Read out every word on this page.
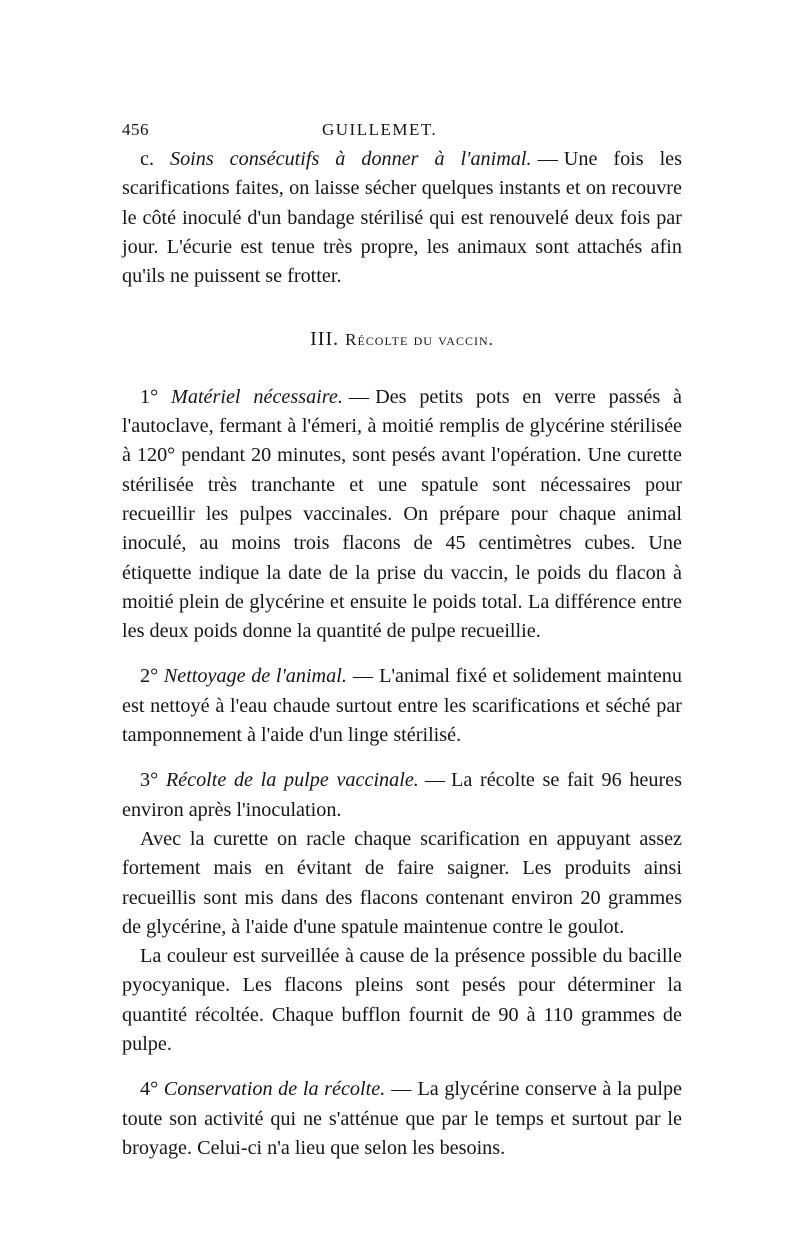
456	GUILLEMET.

c. Soins consécutifs à donner à l'animal. — Une fois les scarifications faites, on laisse sécher quelques instants et on recouvre le côté inoculé d'un bandage stérilisé qui est renouvelé deux fois par jour. L'écurie est tenue très propre, les animaux sont attachés afin qu'ils ne puissent se frotter.

III. Récolte du vaccin.

1° Matériel nécessaire. — Des petits pots en verre passés à l'autoclave, fermant à l'émeri, à moitié remplis de glycérine stérilisée à 120° pendant 20 minutes, sont pesés avant l'opération. Une curette stérilisée très tranchante et une spatule sont nécessaires pour recueillir les pulpes vaccinales. On prépare pour chaque animal inoculé, au moins trois flacons de 45 centimètres cubes. Une étiquette indique la date de la prise du vaccin, le poids du flacon à moitié plein de glycérine et ensuite le poids total. La différence entre les deux poids donne la quantité de pulpe recueillie.

2° Nettoyage de l'animal. — L'animal fixé et solidement maintenu est nettoyé à l'eau chaude surtout entre les scarifications et séché par tamponnement à l'aide d'un linge stérilisé.

3° Récolte de la pulpe vaccinale. — La récolte se fait 96 heures environ après l'inoculation.

Avec la curette on racle chaque scarification en appuyant assez fortement mais en évitant de faire saigner. Les produits ainsi recueillis sont mis dans des flacons contenant environ 20 grammes de glycérine, à l'aide d'une spatule maintenue contre le goulot.

La couleur est surveillée à cause de la présence possible du bacille pyocyanique. Les flacons pleins sont pesés pour déterminer la quantité récoltée. Chaque bufflon fournit de 90 à 110 grammes de pulpe.

4° Conservation de la récolte. — La glycérine conserve à la pulpe toute son activité qui ne s'atténue que par le temps et surtout par le broyage. Celui-ci n'a lieu que selon les besoins.
